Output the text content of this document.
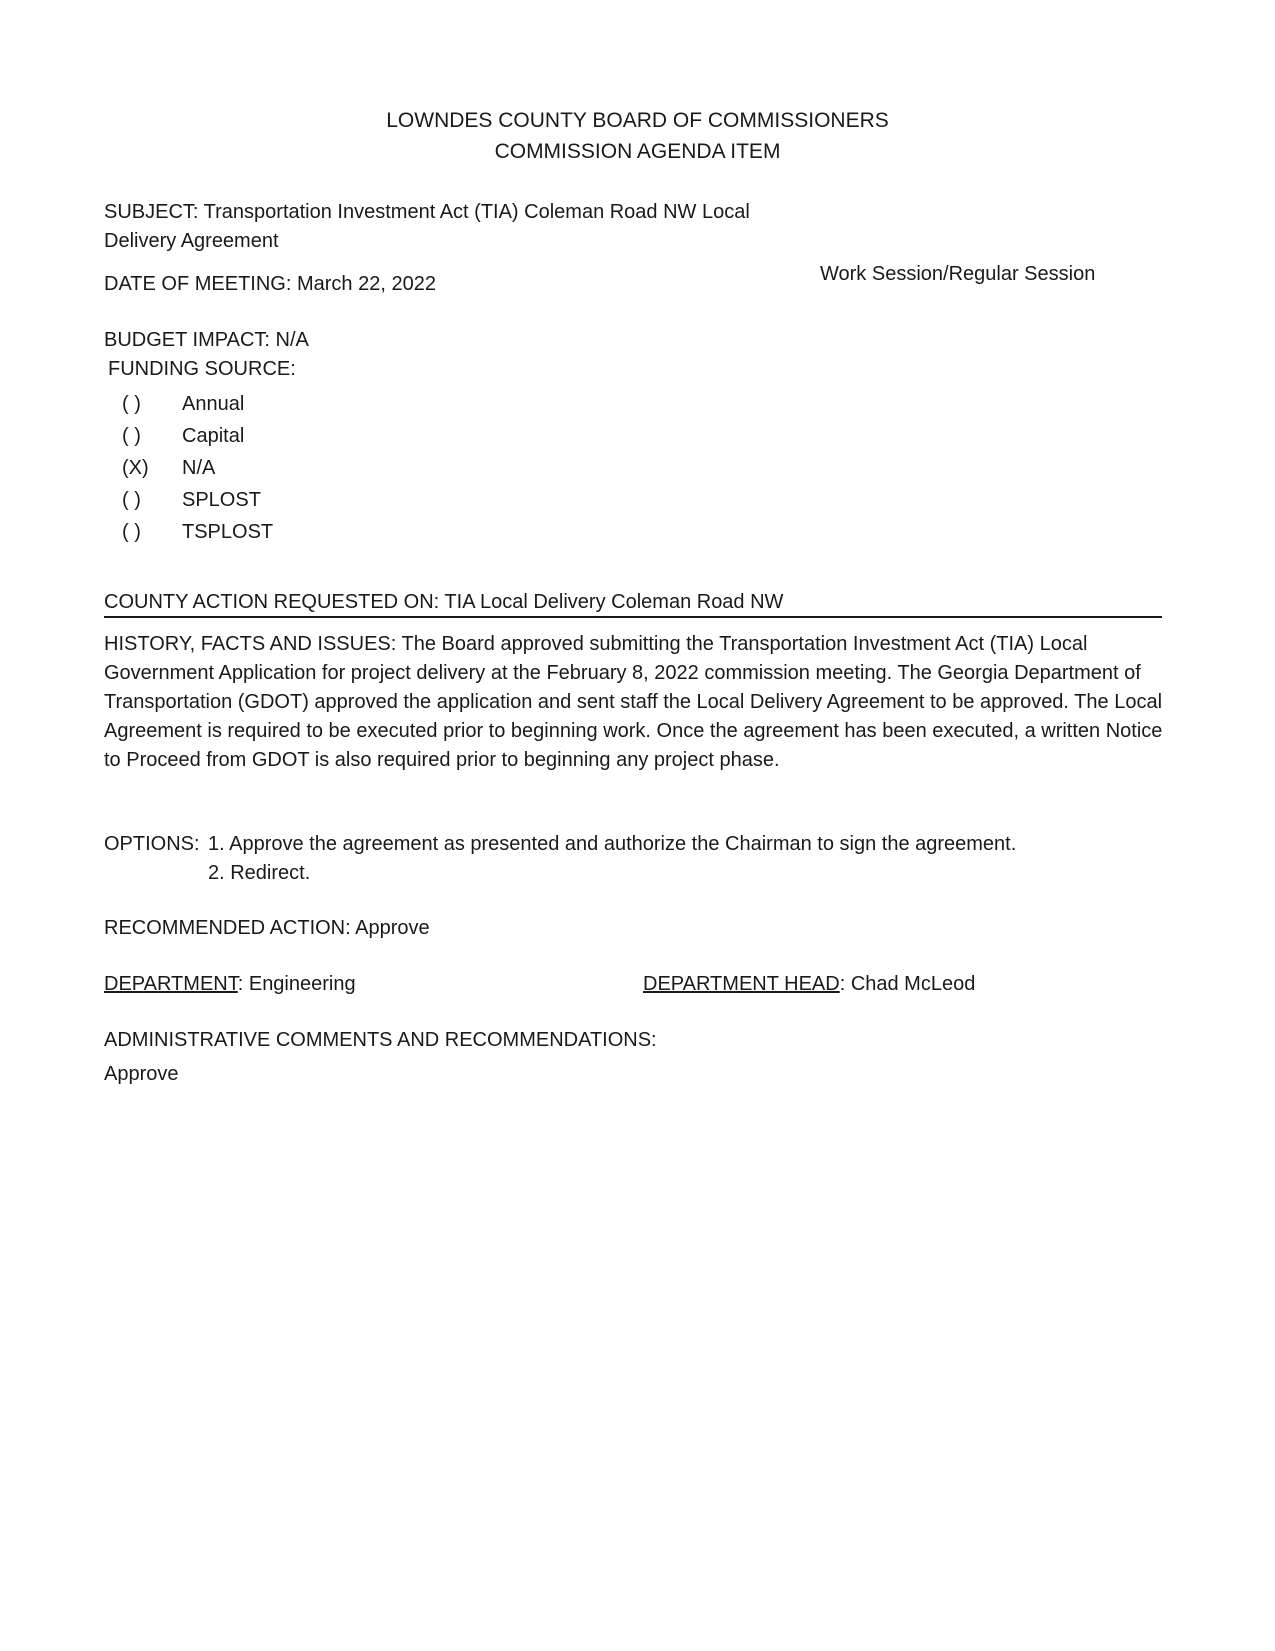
LOWNDES COUNTY BOARD OF COMMISSIONERS
COMMISSION AGENDA ITEM
SUBJECT: Transportation Investment Act (TIA) Coleman Road NW Local
Delivery Agreement
DATE OF MEETING: March 22, 2022	Work Session/Regular Session
BUDGET IMPACT: N/A
FUNDING SOURCE:
( ) Annual
( ) Capital
(X) N/A
( ) SPLOST
( ) TSPLOST
COUNTY ACTION REQUESTED ON: TIA Local Delivery Coleman Road NW
HISTORY, FACTS AND ISSUES: The Board approved submitting the Transportation Investment Act (TIA) Local Government Application for project delivery at the February 8, 2022 commission meeting. The Georgia Department of Transportation (GDOT) approved the application and sent staff the Local Delivery Agreement to be approved. The Local Agreement is required to be executed prior to beginning work. Once the agreement has been executed, a written Notice to Proceed from GDOT is also required prior to beginning any project phase.
OPTIONS: 1. Approve the agreement as presented and authorize the Chairman to sign the agreement.
2. Redirect.
RECOMMENDED ACTION: Approve
DEPARTMENT: Engineering	DEPARTMENT HEAD: Chad McLeod
ADMINISTRATIVE COMMENTS AND RECOMMENDATIONS:
Approve
